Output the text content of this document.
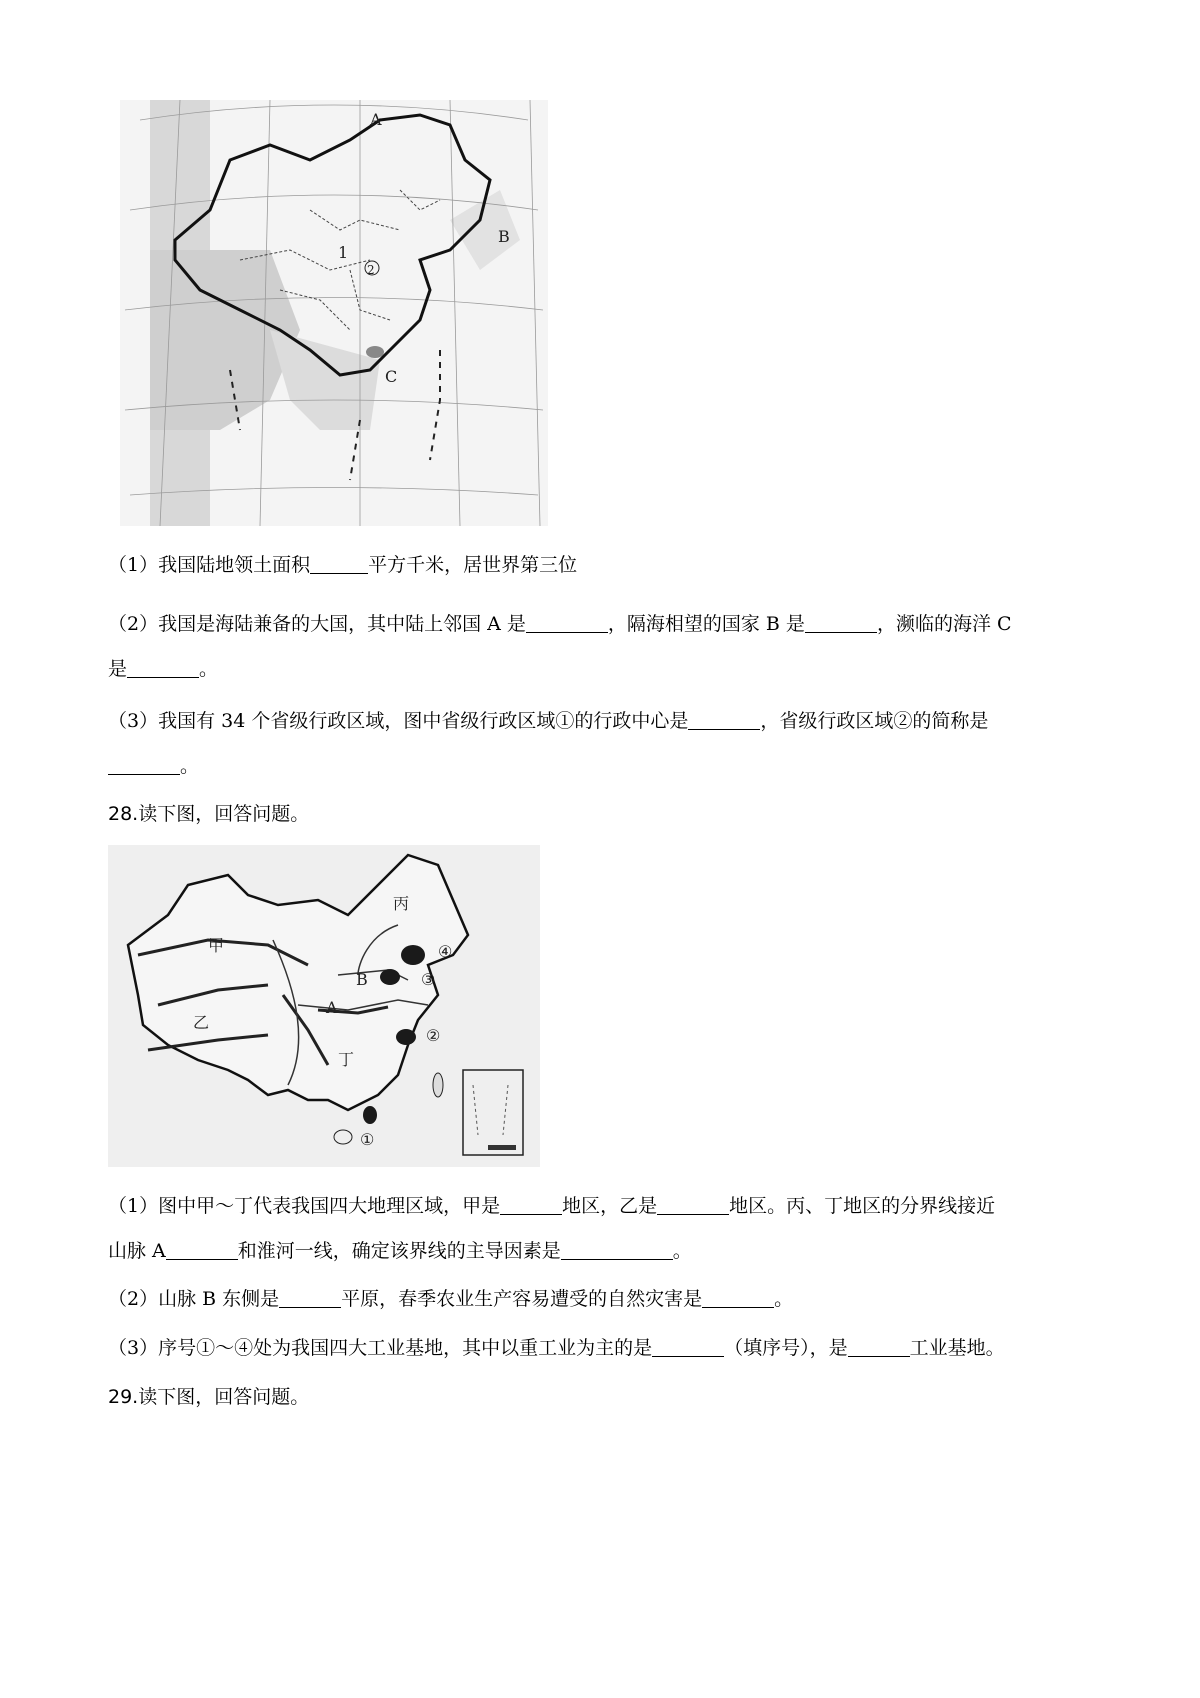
A
B
C
1
2
（1）我国陆地领土面积	平方千米，居世界第三位
（2）我国是海陆兼备的大国，其中陆上邻国 A 是	，隔海相望的国家 B 是	，濒临的海洋 C
是	。
（3）我国有 34 个省级行政区域，图中省级行政区域①的行政中心是	，省级行政区域②的简称是
。
28.读下图，回答问题。
甲
乙
丙
丁
A
B
①
②
③
④
（1）图中甲～丁代表我国四大地理区域，甲是	地区，乙是	地区。丙、丁地区的分界线接近
山脉 A	和淮河一线，确定该界线的主导因素是	。
（2）山脉 B 东侧是	平原，春季农业生产容易遭受的自然灾害是	。
（3）序号①～④处为我国四大工业基地，其中以重工业为主的是	（填序号），是	工业基地。
29.读下图，回答问题。
